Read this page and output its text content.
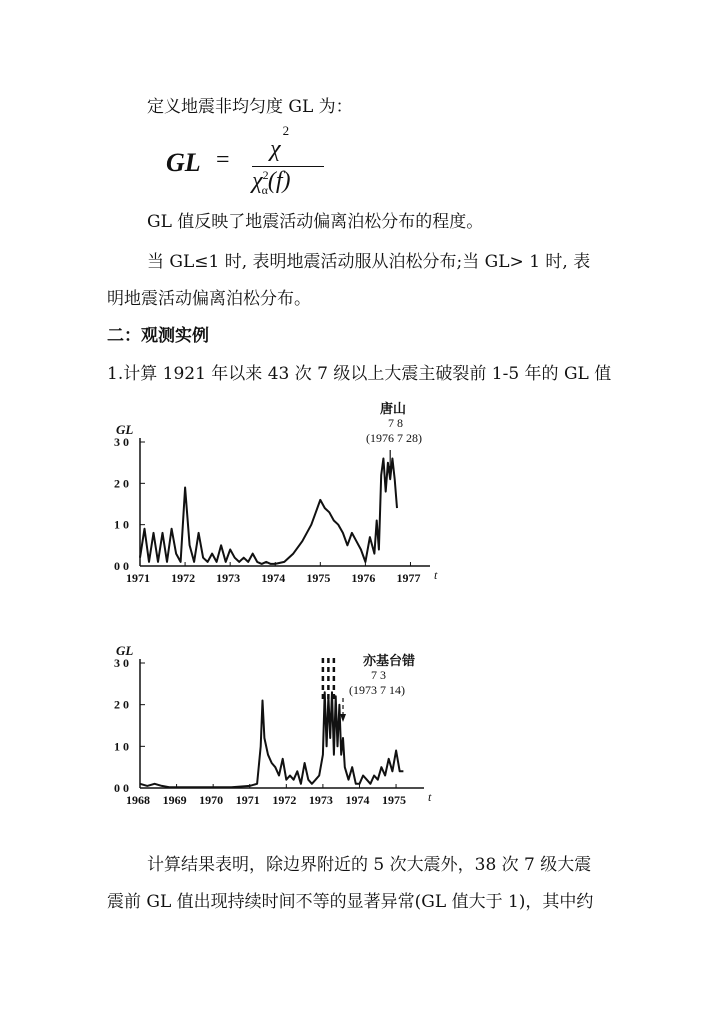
定义地震非均匀度 GL 为：

GL = $\chi^2$
$\chi^2_\alpha(f)$

GL 值反映了地震活动偏离泊松分布的程度。

当 GL≤1 时, 表明地震活动服从泊松分布;当 GL> 1 时, 表

明地震活动偏离泊松分布。

二：观测实例

1.计算 1921 年以来 43 次 7 级以上大震主破裂前 1-5 年的 GL 值

GL
0 0
1 0
2 0
3 0
1971 1972 1973 1974 1975 1976 1977 t
唐山
7 8
(1976 7 28)
GL
0 0
1 0
2 0
3 0
1968 1969 1970 1971 1972 1973 1974 1975 t
亦基台错
7 3
(1973 7 14)

计算结果表明，除边界附近的 5 次大震外，38 次 7 级大震

震前 GL 值出现持续时间不等的显著异常(GL 值大于 1)，其中约
